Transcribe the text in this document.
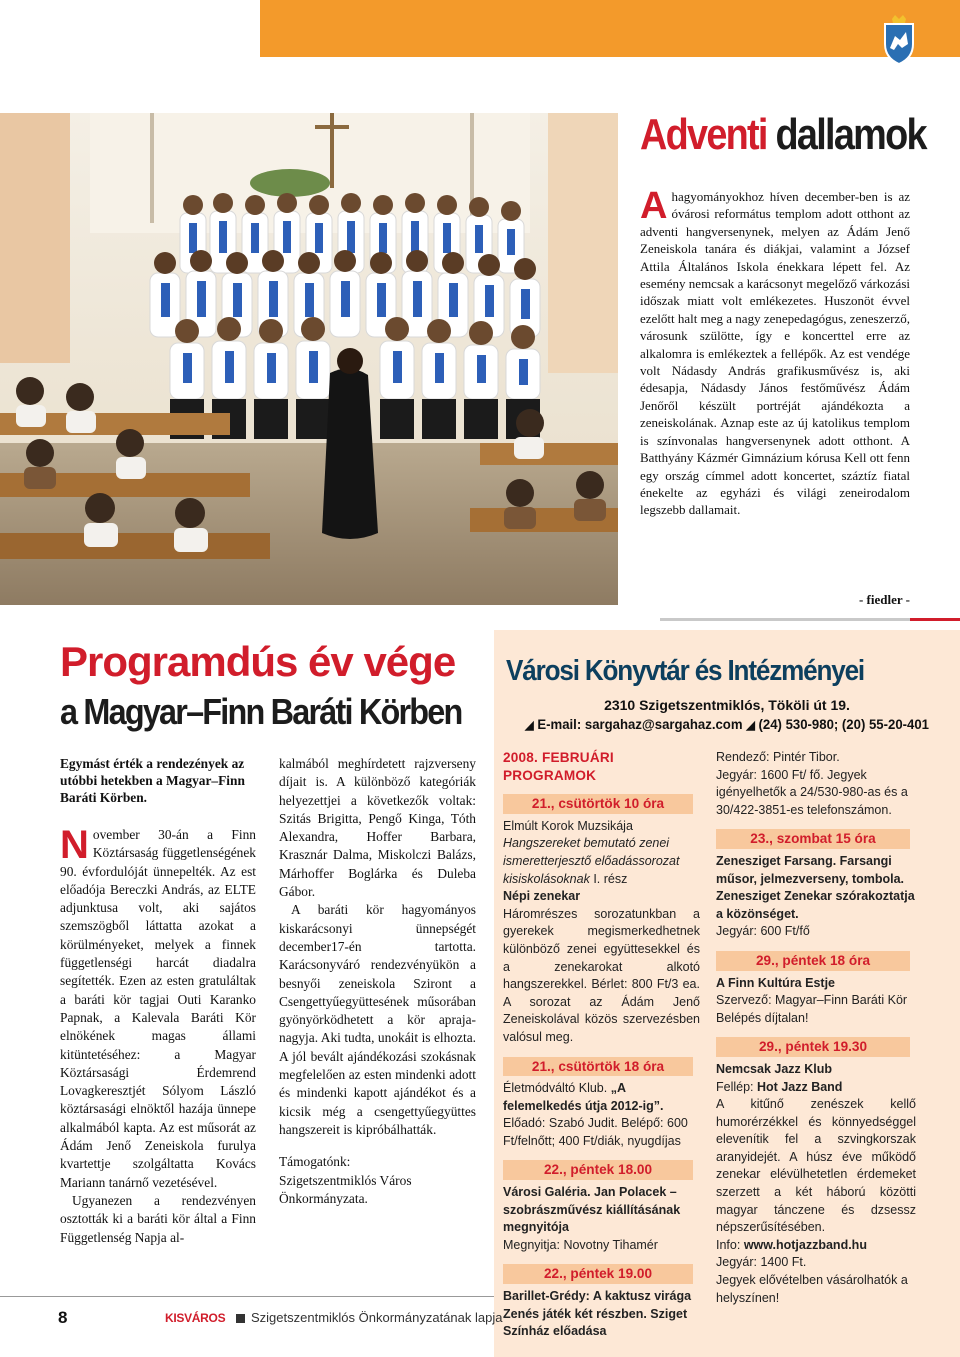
Adventi dallamok
A hagyományokhoz híven december-ben is az óvárosi református templom adott otthont az adventi hangversenynek, melyen az Ádám Jenő Zeneiskola tanára és diákjai, valamint a József Attila Általános Iskola énekkara lépett fel. Az esemény nemcsak a karácsonyt megelőző várkozási időszak miatt volt emlékezetes. Huszonöt évvel ezelőtt halt meg a nagy zenepedagógus, zeneszerző, városunk szülötte, így e koncerttel erre az alkalomra is emlékeztek a fellépők. Az est vendége volt Nádasdy András grafikusművész is, aki édesapja, Nádasdy János festőművész Ádám Jenőről készült portréját ajándékozta a zeneiskolának. Aznap este az új katolikus templom is színvonalas hangversenynek adott otthont. A Batthyány Kázmér Gimnázium kórusa Kell ott fenn egy ország címmel adott koncertet, száztíz fiatal énekelte az egyházi és világi zeneirodalom legszebb dallamait.
- fiedler -
Programdús év vége
a Magyar–Finn Baráti Körben
Egymást érték a rendezények az utóbbi hetekben a Magyar–Finn Baráti Körben.
N ovember 30-án a Finn Köztársaság függetlenségének 90. évfordulóját ünnepelték. Az est előadója Bereczki András, az ELTE adjunktusa volt, aki sajátos szemszögből láttatta azokat a körülményeket, melyek a finnek függetlenségi harcát diadalra segítették. Ezen az esten gratuláltak a baráti kör tagjai Outi Karanko Papnak, a Kalevala Baráti Kör elnökének magas állami kitüntetéséhez: a Magyar Köztársasági Érdemrend Lovagkeresztjét Sólyom László köztársasági elnöktől hazája ünnepe alkalmából kapta. Az est műsorát az Ádám Jenő Zeneiskola furulya kvartettje szolgáltatta Kovács Mariann tanárnő vezetésével.

Ugyanezen a rendezvényen osztották ki a baráti kör által a Finn Függetlenség Napja al-

kalmából meghírdetett rajzverseny díjait is. A különböző kategóriák helyezettjei a következők voltak: Szitás Brigitta, Pengő Kinga, Tóth Alexandra, Hoffer Barbara, Krasznár Dalma, Miskolczi Balázs, Márhoffer Boglárka és Duleba Gábor.

A baráti kör hagyományos kiskarácsonyi ünnepségét december17-én tartotta. Karácsonyváró rendezvényükön a besnyői zeneiskola Sziront a Csengettyűegyüttesének műsorában gyönyörködhetett a kör apraja-nagyja. Aki tudta, unokáit is elhozta. A jól bevált ajándékozási szokásnak megfelelően az esten mindenki adott és mindenki kapott ajándékot és a kicsik még a csengettyűegyüttes hangszereit is kipróbálhatták.

Támogatónk:
Szigetszentmiklós Város Önkormányzata.

Városi Könyvtár és Intézményei
2310 Szigetszentmiklós, Tököli út 19.
◢ E-mail: sargahaz@sargahaz.com ◢ (24) 530-980; (20) 55-20-401
2008. FEBRUÁRI PROGRAMOK
21., csütörtök 10 óra

Elmúlt Korok Muzsikája

Hangszereket bemutató zenei ismeretterjesztő előadássorozat kisiskolásoknak I. rész

Népi zenekar

Háromrészes sorozatunkban a gyerekek megismerkedhetnek különböző zenei együttesekkel és a zenekarokat alkotó hangszerekkel. Bérlet: 800 Ft/3 ea. A sorozat az Ádám Jenő Zeneiskolával közös szervezésben valósul meg.

21., csütörtök 18 óra

Életmódváltó Klub. „A felemelkedés útja 2012-ig”. Előadó: Szabó Judit. Belépő: 600 Ft/felnőtt; 400 Ft/diák, nyugdíjas

22., péntek 18.00

Városi Galéria. Jan Polacek – szobrászművész kiállításának megnyitója

Megnyitja: Novotny Tihamér

22., péntek 19.00

Barillet-Grédy: A kaktusz virága Zenés játék két részben. Sziget Színház előadása

Rendező: Pintér Tibor.

Jegyár: 1600 Ft/ fő. Jegyek igényelhetők a 24/530-980-as és a 30/422-3851-es telefonszámon.

23., szombat 15 óra

Zenesziget Farsang. Farsangi műsor, jelmezverseny, tombola. Zenesziget Zenekar szórakoztatja a közönséget.

Jegyár: 600 Ft/fő

29., péntek 18 óra

A Finn Kultúra Estje

Szervező: Magyar–Finn Baráti Kör Belépés díjtalan!

29., péntek 19.30

Nemcsak Jazz Klub

Fellép: Hot Jazz Band

A kitűnő zenészek kellő humorérzékkel és könnyedséggel elevenítik fel a szvingkorszak aranyidejét. A húsz éve működő zenekar elévülhetetlen érdemeket szerzett a két háború közötti magyar tánczene és dzsessz népszerűsítésében.

Info: www.hotjazzband.hu

Jegyár: 1400 Ft.

Jegyek elővételben vásárolhatók a helyszínen!

8	KISVÁROS Szigetszentmiklós Önkormányzatának lapja
